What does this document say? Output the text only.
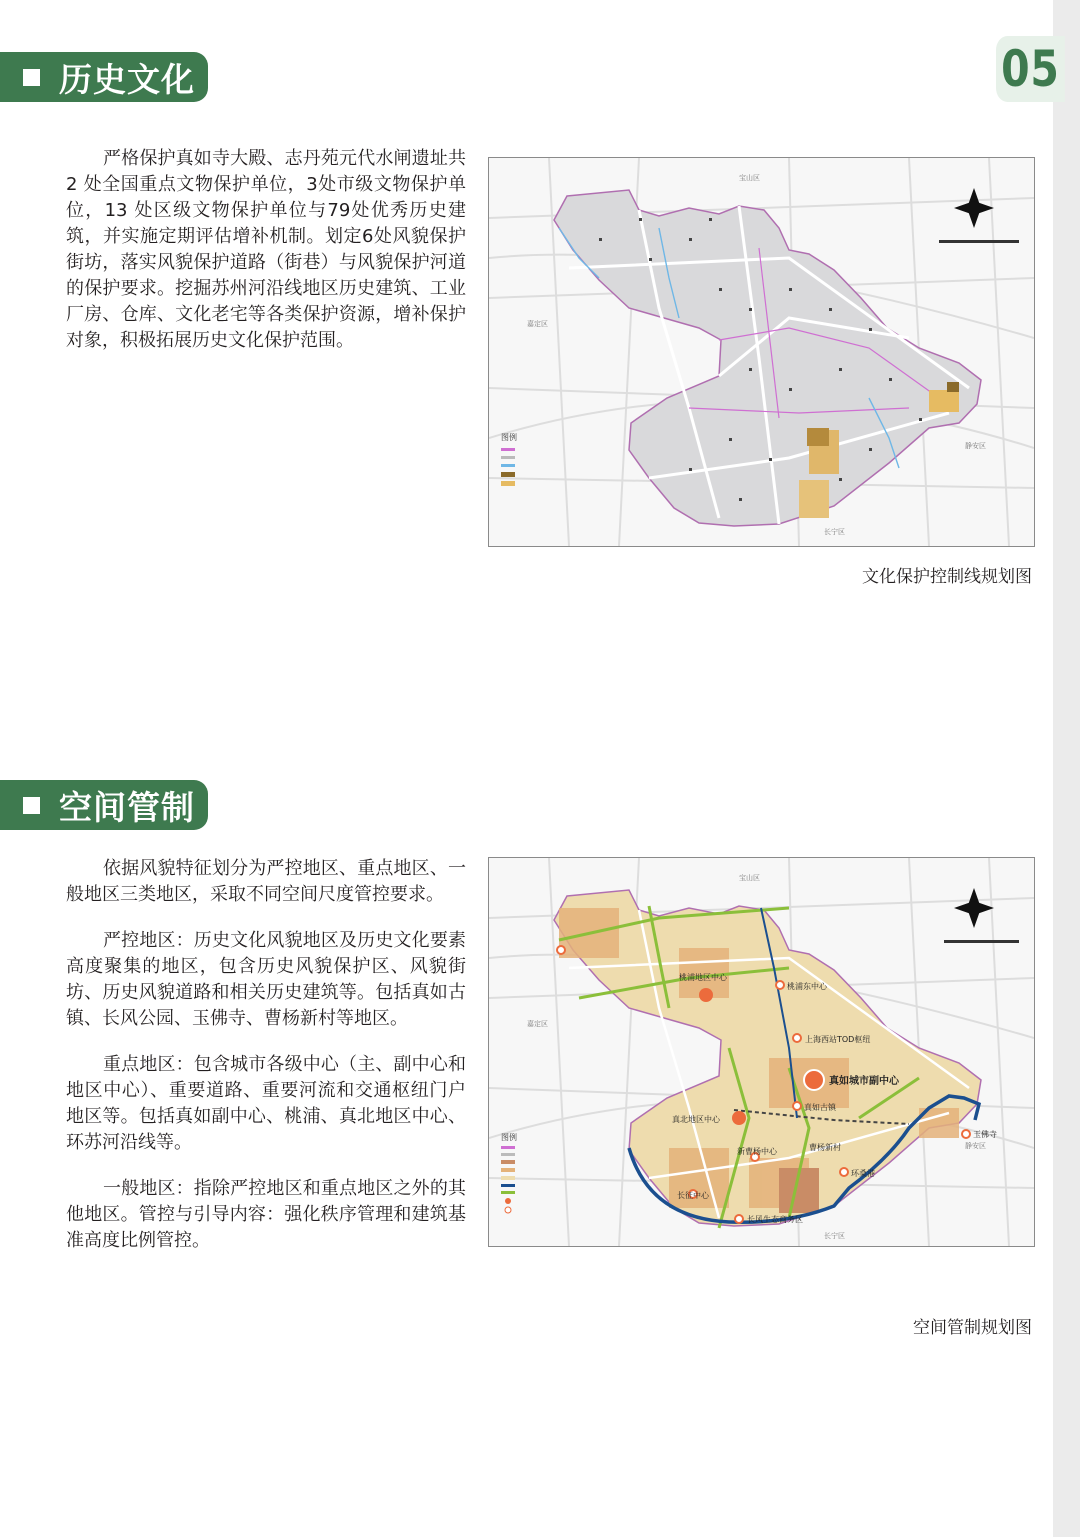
05
历史文化

严格保护真如寺大殿、志丹苑元代水闸遗址共2 处全国重点文物保护单位，3处市级文物保护单位，13 处区级文物保护单位与79处优秀历史建筑，并实施定期评估增补机制。划定6处风貌保护街坊，落实风貌保护道路（街巷）与风貌保护河道的保护要求。挖掘苏州河沿线地区历史建筑、工业厂房、仓库、文化老宅等各类保护资源，增补保护对象，积极拓展历史文化保护范围。

图例
宝山区
嘉定区
静安区
长宁区
文化保护控制线规划图
空间管制

依据风貌特征划分为严控地区、重点地区、一般地区三类地区，采取不同空间尺度管控要求。

严控地区：历史文化风貌地区及历史文化要素高度聚集的地区，包含历史风貌保护区、风貌街坊、历史风貌道路和相关历史建筑等。包括真如古镇、长风公园、玉佛寺、曹杨新村等地区。

重点地区：包含城市各级中心（主、副中心和地区中心）、重要道路、重要河流和交通枢纽门户地区等。包括真如副中心、桃浦、真北地区中心、环苏河沿线等。

一般地区：指除严控地区和重点地区之外的其他地区。管控与引导内容：强化秩序管理和建筑基准高度比例管控。

桃浦地区中心
桃浦东中心
上海西站TOD枢纽
真如城市副中心
真如古镇
真北地区中心
新曹杨中心	曹杨新村
环桑港
长征中心
长风生态商务区
玉佛寺
图例
宝山区
嘉定区
静安区
长宁区
空间管制规划图
